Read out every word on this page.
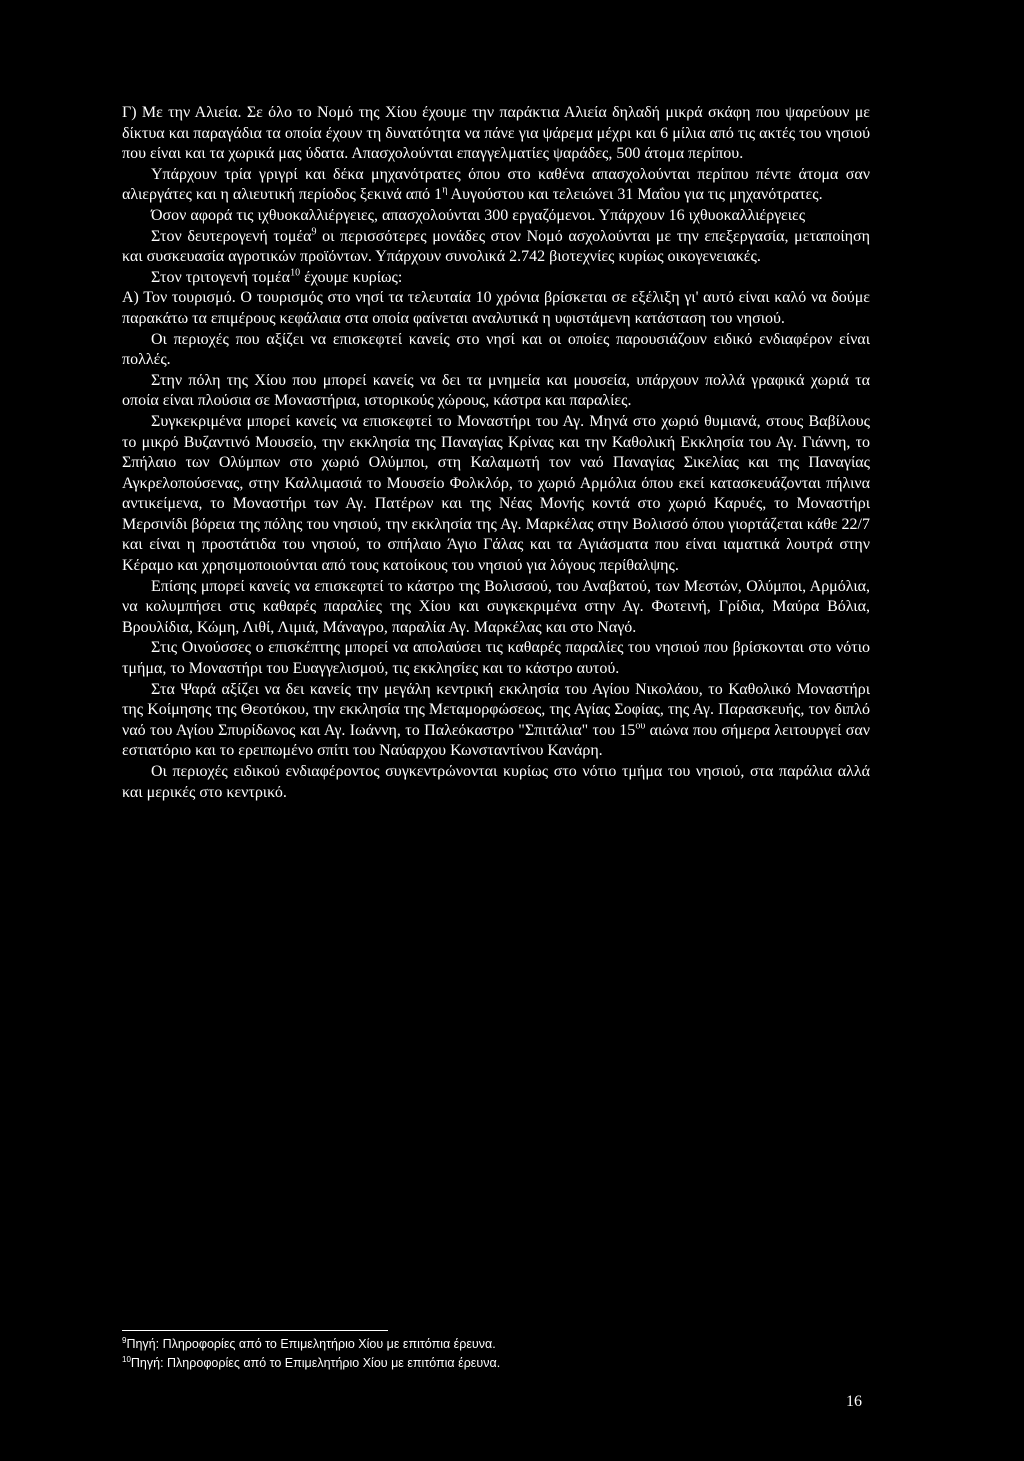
Γ) Με την Αλιεία. Σε όλο το Νομό της Χίου έχουμε την παράκτια Αλιεία δηλαδή μικρά σκάφη που ψαρεύουν με δίκτυα και παραγάδια τα οποία έχουν τη δυνατότητα να πάνε για ψάρεμα μέχρι και 6 μίλια από τις ακτές του νησιού που είναι και τα χωρικά μας ύδατα. Απασχολούνται επαγγελματίες ψαράδες, 500 άτομα περίπου.

Υπάρχουν τρία γριγρί και δέκα μηχανότρατες όπου στο καθένα απασχολούνται περίπου πέντε άτομα σαν αλιεργάτες και η αλιευτική περίοδος ξεκινά από $1^\eta$ Αυγούστου και τελειώνει 31 Μαΐου για τις μηχανότρατες.

Όσον αφορά τις ιχθυοκαλλιέργειες, απασχολούνται 300 εργαζόμενοι. Υπάρχουν 16 ιχθυοκαλλιέργειες

Στον δευτερογενή τομέα$^9$ οι περισσότερες μονάδες στον Νομό ασχολούνται με την επεξεργασία, μεταποίηση και συσκευασία αγροτικών προϊόντων. Υπάρχουν συνολικά 2.742 βιοτεχνίες κυρίως οικογενειακές.

Στον τριτογενή τομέα$^{10}$ έχουμε κυρίως:

Α) Τον τουρισμό. Ο τουρισμός στο νησί τα τελευταία 10 χρόνια βρίσκεται σε εξέλιξη γι' αυτό είναι καλό να δούμε παρακάτω τα επιμέρους κεφάλαια στα οποία φαίνεται αναλυτικά η υφιστάμενη κατάσταση του νησιού.

Οι περιοχές που αξίζει να επισκεφτεί κανείς στο νησί και οι οποίες παρουσιάζουν ειδικό ενδιαφέρον είναι πολλές.

Στην πόλη της Χίου που μπορεί κανείς να δει τα μνημεία και μουσεία, υπάρχουν πολλά γραφικά χωριά τα οποία είναι πλούσια σε Μοναστήρια, ιστορικούς χώρους, κάστρα και παραλίες.

Συγκεκριμένα μπορεί κανείς να επισκεφτεί το Μοναστήρι του Αγ. Μηνά στο χωριό θυμιανά, στους Βαβίλους το μικρό Βυζαντινό Μουσείο, την εκκλησία της Παναγίας Κρίνας και την Καθολική Εκκλησία του Αγ. Γιάννη, το Σπήλαιο των Ολύμπων στο χωριό Ολύμποι, στη Καλαμωτή τον ναό Παναγίας Σικελίας και της Παναγίας Αγκρελοπούσενας, στην Καλλιμασιά το Μουσείο Φολκλόρ, το χωριό Αρμόλια όπου εκεί κατασκευάζονται πήλινα αντικείμενα, το Μοναστήρι των Αγ. Πατέρων και της Νέας Μονής κοντά στο χωριό Καρυές, το Μοναστήρι Μερσινίδι βόρεια της πόλης του νησιού, την εκκλησία της Αγ. Μαρκέλας στην Βολισσό όπου γιορτάζεται κάθε 22/7 και είναι η προστάτιδα του νησιού, το σπήλαιο Άγιο Γάλας και τα Αγιάσματα που είναι ιαματικά λουτρά στην Κέραμο και χρησιμοποιούνται από τους κατοίκους του νησιού για λόγους περίθαλψης.

Επίσης μπορεί κανείς να επισκεφτεί το κάστρο της Βολισσού, του Αναβατού, των Μεστών, Ολύμποι, Αρμόλια, να κολυμπήσει στις καθαρές παραλίες της Χίου και συγκεκριμένα στην Αγ. Φωτεινή, Γρίδια, Μαύρα Βόλια, Βρουλίδια, Κώμη, Λιθί, Λιμιά, Μάναγρο, παραλία Αγ. Μαρκέλας και στο Ναγό.

Στις Οινούσσες ο επισκέπτης μπορεί να απολαύσει τις καθαρές παραλίες του νησιού που βρίσκονται στο νότιο τμήμα, το Μοναστήρι του Ευαγγελισμού, τις εκκλησίες και το κάστρο αυτού.

Στα Ψαρά αξίζει να δει κανείς την μεγάλη κεντρική εκκλησία του Αγίου Νικολάου, το Καθολικό Μοναστήρι της Κοίμησης της Θεοτόκου, την εκκλησία της Μεταμορφώσεως, της Αγίας Σοφίας, της Αγ. Παρασκευής, τον διπλό ναό του Αγίου Σπυρίδωνος και Αγ. Ιωάννη, το Παλεόκαστρο "Σπιτάλια" του $15^{o\upsilon}$ αιώνα που σήμερα λειτουργεί σαν εστιατόριο και το ερειπωμένο σπίτι του Ναύαρχου Κωνσταντίνου Κανάρη.

Οι περιοχές ειδικού ενδιαφέροντος συγκεντρώνονται κυρίως στο νότιο τμήμα του νησιού, στα παράλια αλλά και μερικές στο κεντρικό.

$^9$Πηγή: Πληροφορίες από το Επιμελητήριο Χίου με επιτόπια έρευνα.

$^{10}$Πηγή: Πληροφορίες από το Επιμελητήριο Χίου με επιτόπια έρευνα.

16
